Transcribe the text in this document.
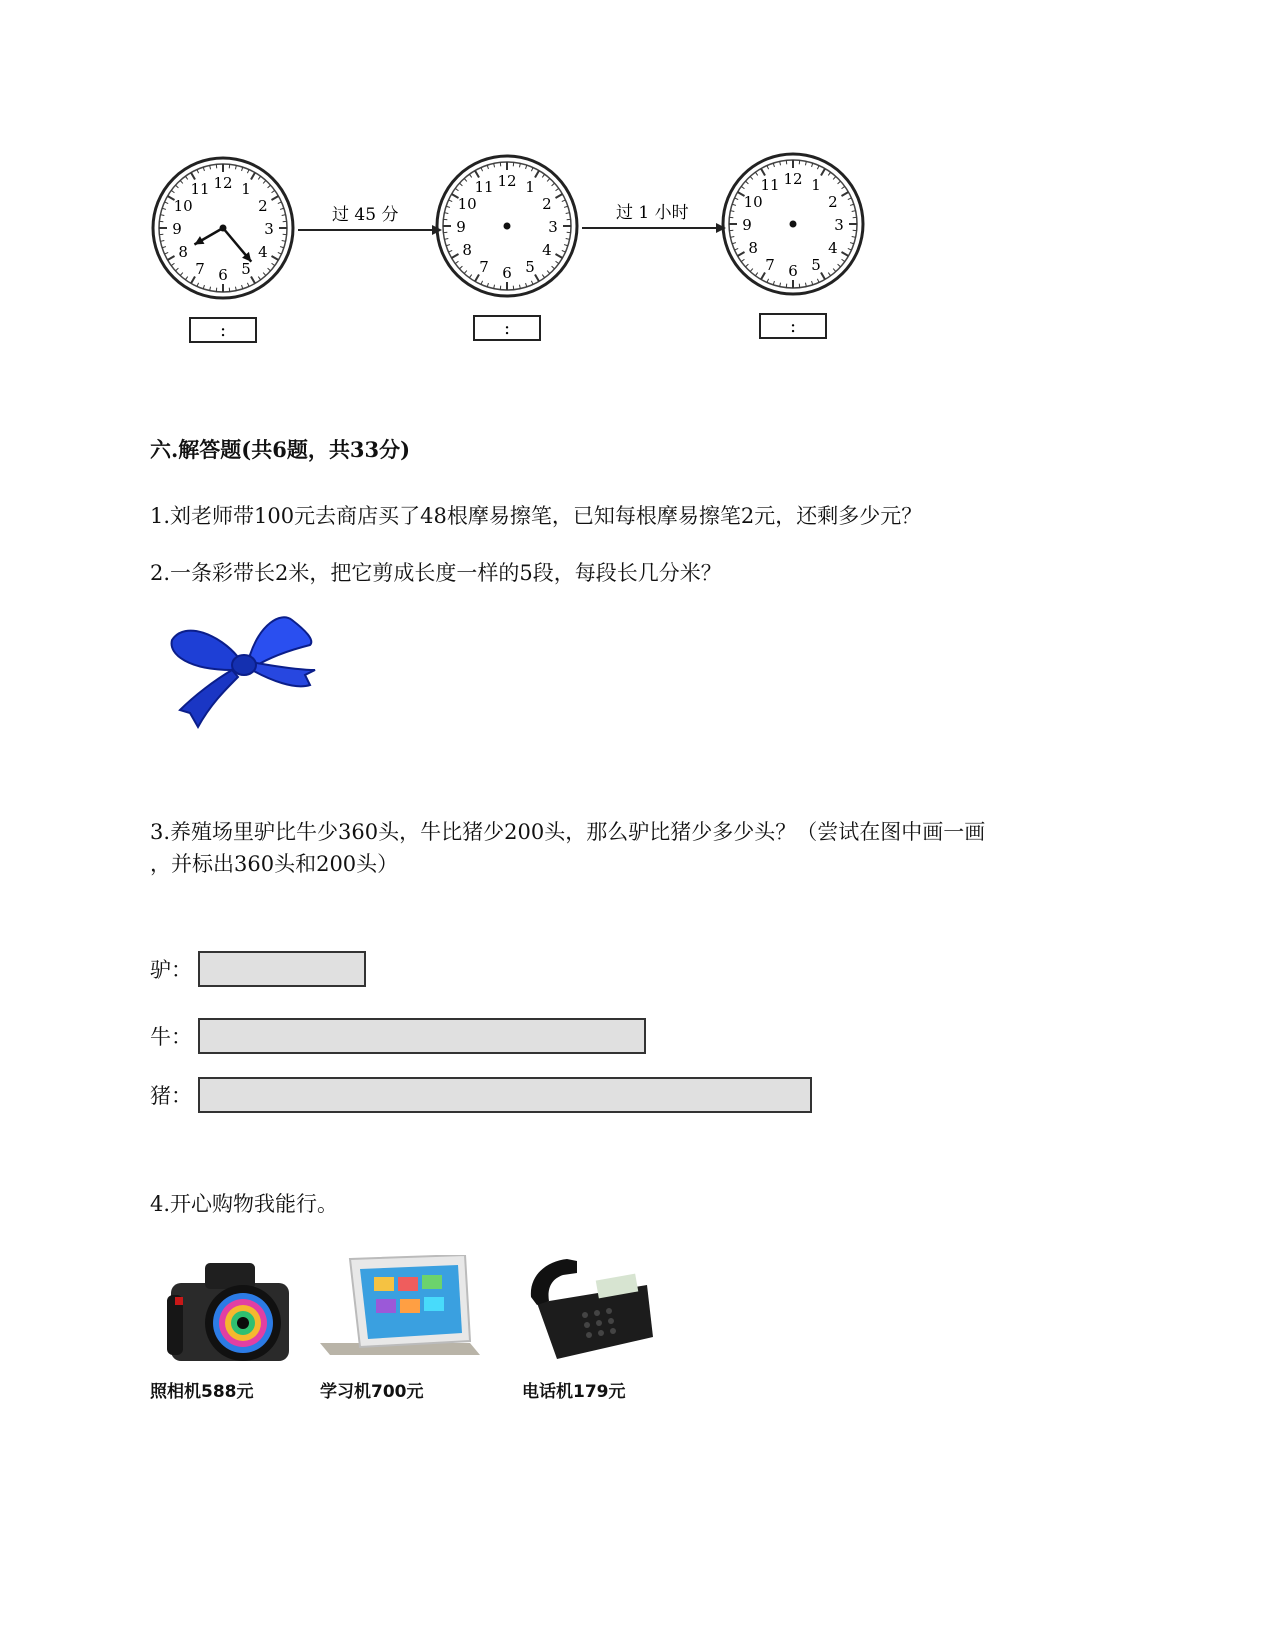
12 1
2
3
4
5
6
7
8
9
10
11	12 1
2
3
4
5
6
7
8
9
10
11	12 1
2
3
4
5
6
7
8
9
10
11
过 45 分	过 1 小时
:	:	:
六.解答题(共6题，共33分)
1.刘老师带100元去商店买了48根摩易擦笔，已知每根摩易擦笔2元，还剩多少元？
2.一条彩带长2米，把它剪成长度一样的5段，每段长几分米？
3.养殖场里驴比牛少360头，牛比猪少200头，那么驴比猪少多少头？（尝试在图中画一画
，并标出360头和200头）
驴：
牛：
猪：
4.开心购物我能行。
照相机588元	学习机700元	电话机179元
